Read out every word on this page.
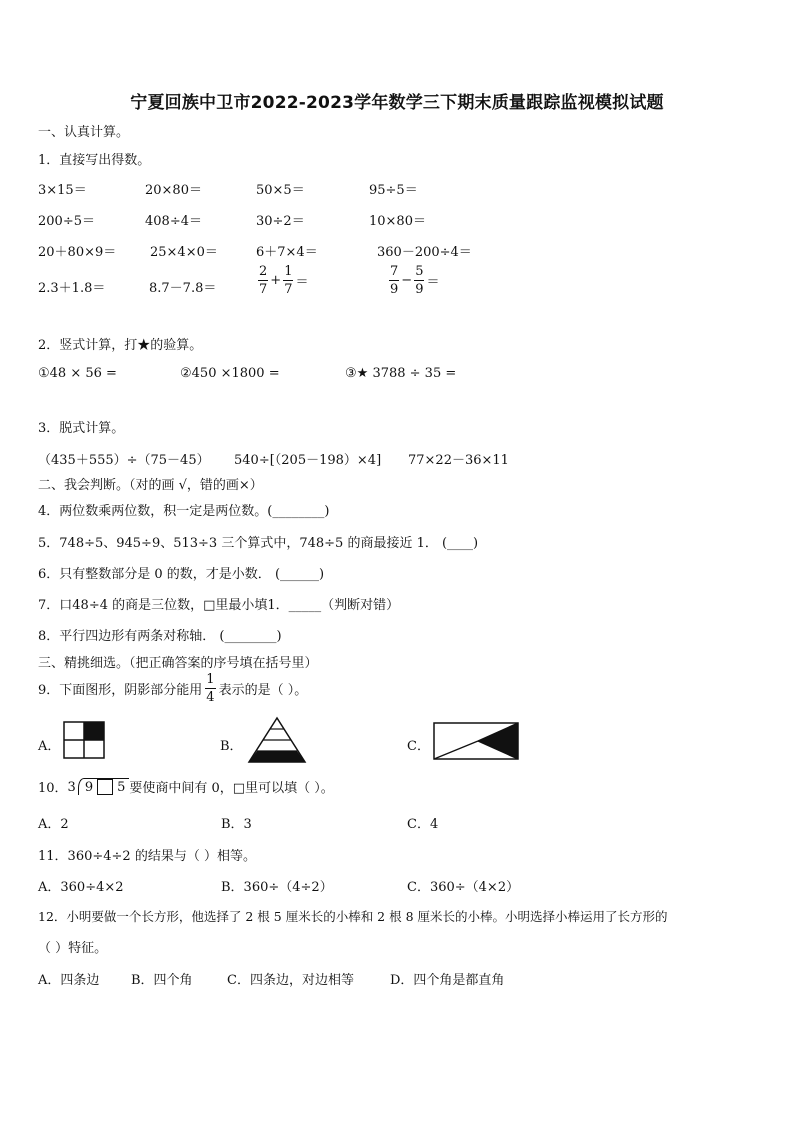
宁夏回族中卫市2022-2023学年数学三下期末质量跟踪监视模拟试题
一、认真计算。
1．直接写出得数。
3×15＝	20×80＝	50×5＝	95÷5＝
200÷5＝	408÷4＝	30÷2＝	10×80＝
20＋80×9＝	25×4×0＝	6＋7×4＝	360－200÷4＝
2.3＋1.8＝	8.7－7.8＝	$\frac{2}{7} + \frac{1}{7}$ ＝	$\frac{7}{9} - \frac{5}{9}$ ＝
2．竖式计算，打★的验算。
①48 × 56 =	②450 ×1800 =	③★ 3788 ÷ 35 =
3．脱式计算。
（435＋555）÷（75－45） 540÷[（205－198）×4] 77×22－36×11
二、我会判断。（对的画 √，错的画×）
4．两位数乘两位数，积一定是两位数。(________)
5．748÷5、945÷9、513÷3 三个算式中，748÷5 的商最接近 1． (____)
6．只有整数部分是 0 的数，才是小数． (______)
7．口48÷4 的商是三位数，□里最小填1．_____（判断对错）
8．平行四边形有两条对称轴． (________)
三、精挑细选。（把正确答案的序号填在括号里）
9．下面图形，阴影部分能用 $\frac{1}{4}$ 表示的是（ ）。
A．	B．	C．
10． 3 9 5 要使商中间有 0，□里可以填（ ）。
A．2	B．3	C．4
11．360÷4÷2 的结果与（ ）相等。
A．360÷4×2	B．360÷（4÷2）	C．360÷（4×2）
12．小明要做一个长方形，他选择了 2 根 5 厘米长的小棒和 2 根 8 厘米长的小棒。小明选择小棒运用了长方形的
（ ）特征。
A．四条边 B．四个角	C．四条边，对边相等	D．四个角是都直角
